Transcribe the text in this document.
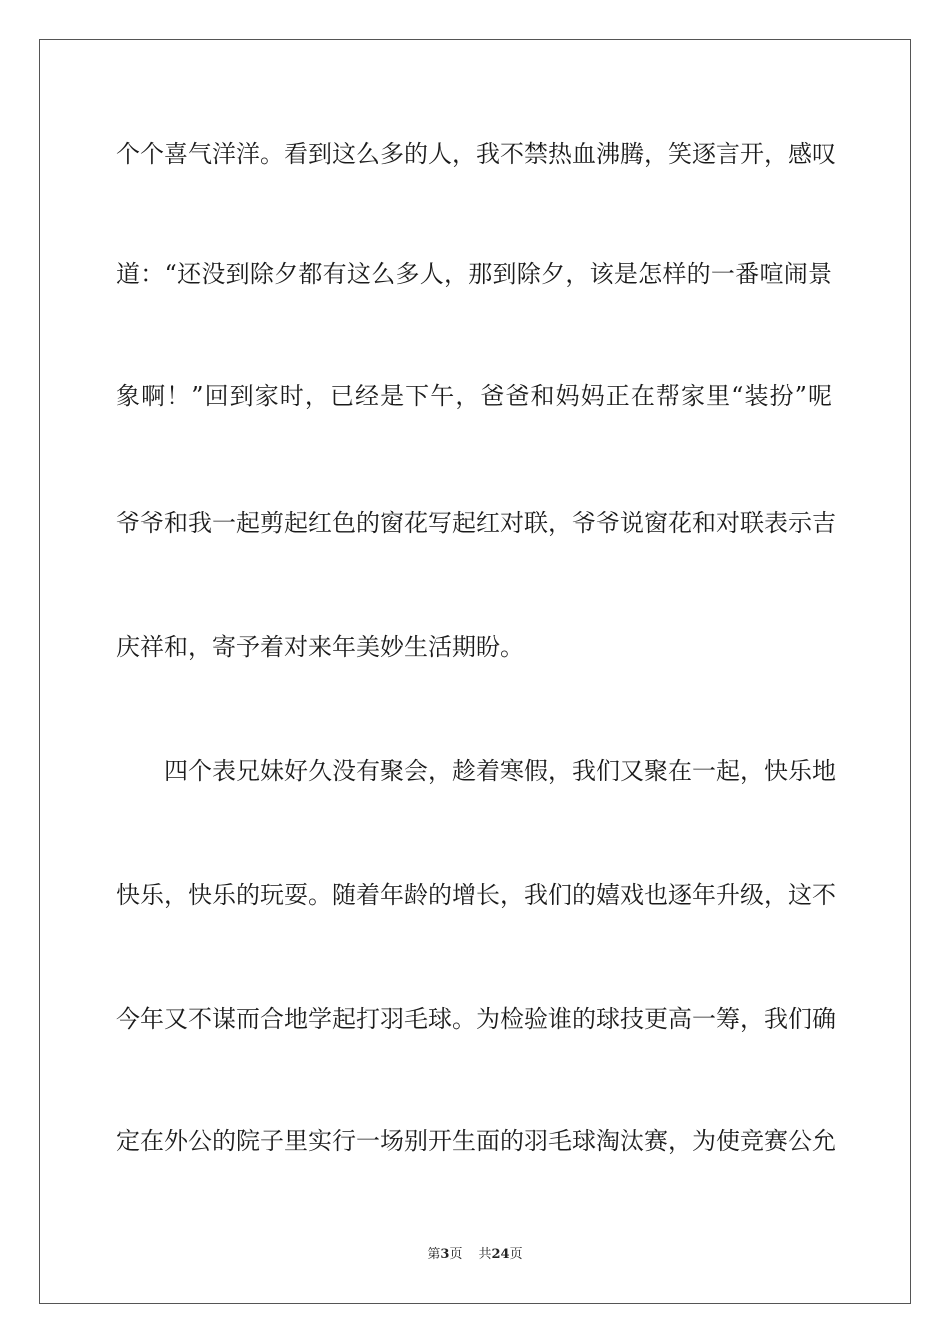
个个喜气洋洋。看到这么多的人，我不禁热血沸腾，笑逐言开，感叹
道：“还没到除夕都有这么多人，那到除夕，该是怎样的一番喧闹景
象啊！”回到家时，已经是下午，爸爸和妈妈正在帮家里“装扮”呢
爷爷和我一起剪起红色的窗花写起红对联，爷爷说窗花和对联表示吉
庆祥和，寄予着对来年美妙生活期盼。
四个表兄妹好久没有聚会，趁着寒假，我们又聚在一起，快乐地
快乐，快乐的玩耍。随着年龄的增长，我们的嬉戏也逐年升级，这不
今年又不谋而合地学起打羽毛球。为检验谁的球技更高一筹，我们确
定在外公的院子里实行一场别开生面的羽毛球淘汰赛，为使竞赛公允
第3页 共24页
